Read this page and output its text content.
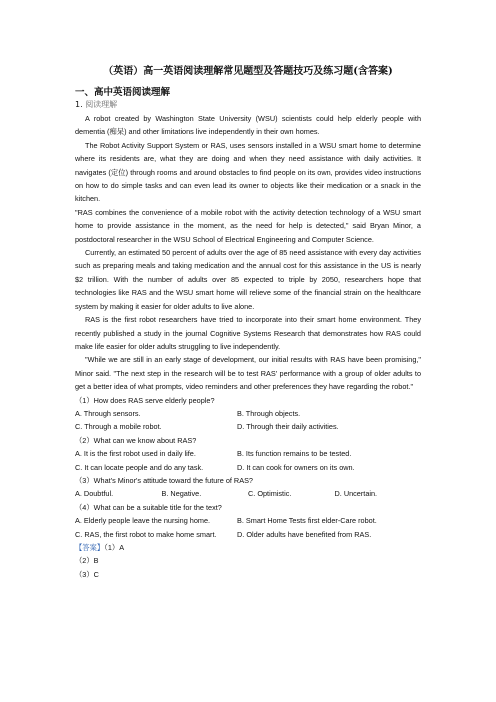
（英语）高一英语阅读理解常见题型及答题技巧及练习题(含答案)
一、高中英语阅读理解
1. 阅读理解

A robot created by Washington State University (WSU) scientists could help elderly people with dementia (痴呆) and other limitations live independently in their own homes.

The Robot Activity Support System or RAS, uses sensors installed in a WSU smart home to determine where its residents are, what they are doing and when they need assistance with daily activities. It navigates (定位) through rooms and around obstacles to find people on its own, provides video instructions on how to do simple tasks and can even lead its owner to objects like their medication or a snack in the kitchen.

"RAS combines the convenience of a mobile robot with the activity detection technology of a WSU smart home to provide assistance in the moment, as the need for help is detected," said Bryan Minor, a postdoctoral researcher in the WSU School of Electrical Engineering and Computer Science.

Currently, an estimated 50 percent of adults over the age of 85 need assistance with every day activities such as preparing meals and taking medication and the annual cost for this assistance in the US is nearly $2 trillion. With the number of adults over 85 expected to triple by 2050, researchers hope that technologies like RAS and the WSU smart home will relieve some of the financial strain on the healthcare system by making it easier for older adults to live alone.

RAS is the first robot researchers have tried to incorporate into their smart home environment. They recently published a study in the journal Cognitive Systems Research that demonstrates how RAS could make life easier for older adults struggling to live independently.

"While we are still in an early stage of development, our initial results with RAS have been promising," Minor said. "The next step in the research will be to test RAS' performance with a group of older adults to get a better idea of what prompts, video reminders and other preferences they have regarding the robot."

（1）How does RAS serve elderly people?

A. Through sensors.	B. Through objects.
C. Through a mobile robot.	D. Through their daily activities.

（2）What can we know about RAS?

A. It is the first robot used in daily life.	B. Its function remains to be tested.
C. It can locate people and do any task.	D. It can cook for owners on its own.

（3）What's Minor's attitude toward the future of RAS?

A. Doubtful.	B. Negative.	C. Optimistic.	D. Uncertain.

（4）What can be a suitable title for the text?

A. Elderly people leave the nursing home.	B. Smart Home Tests first elder-Care robot.
C. RAS, the first robot to make home smart.	D. Older adults have benefited from RAS.

【答案】（1）A

（2）B

（3）C
